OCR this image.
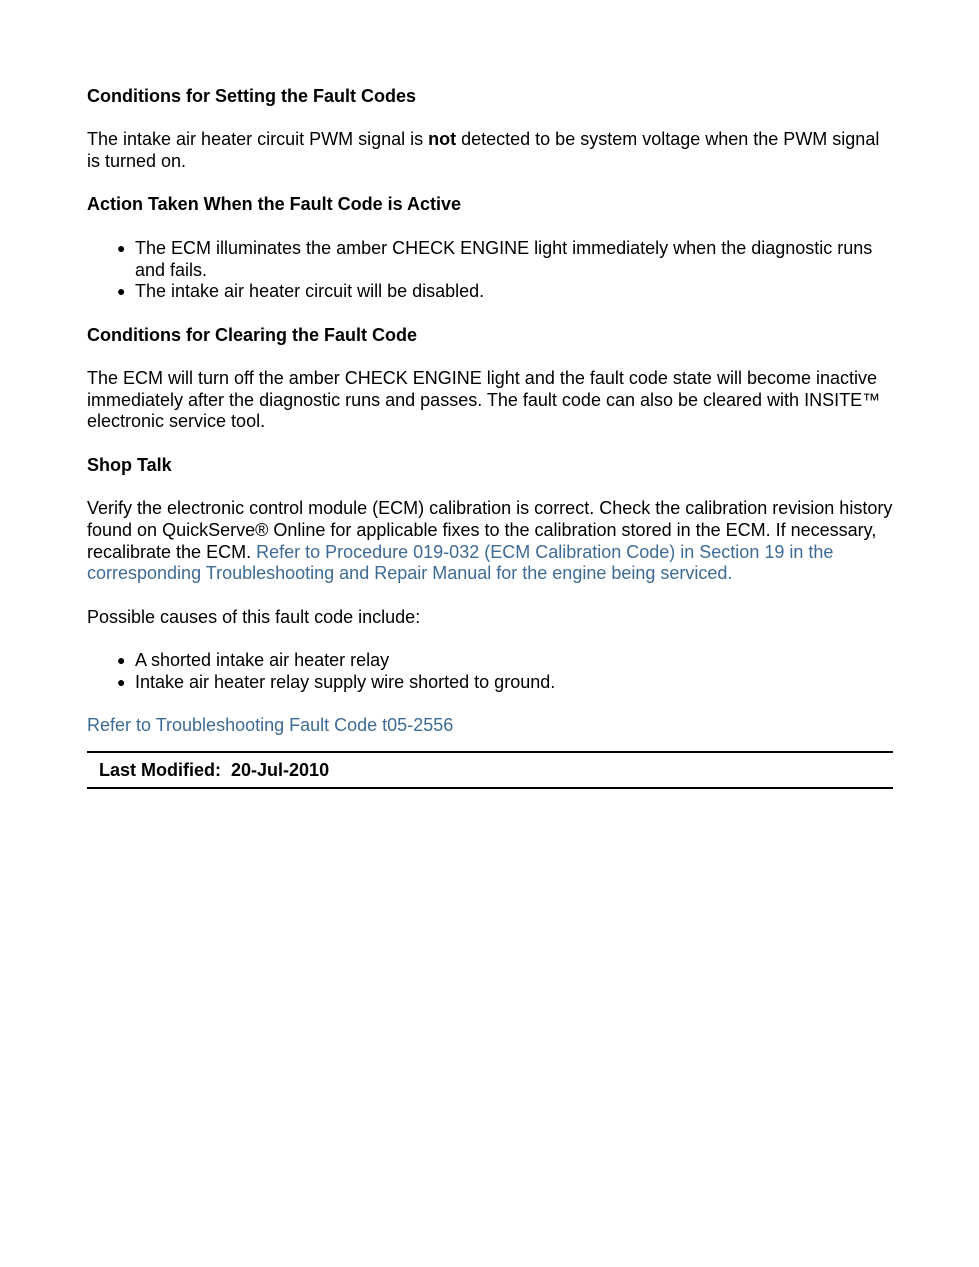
Conditions for Setting the Fault Codes

The intake air heater circuit PWM signal is not detected to be system voltage when the PWM signal is turned on.

Action Taken When the Fault Code is Active

● The ECM illuminates the amber CHECK ENGINE light immediately when the diagnostic runs and fails.
● The intake air heater circuit will be disabled.

Conditions for Clearing the Fault Code

The ECM will turn off the amber CHECK ENGINE light and the fault code state will become inactive immediately after the diagnostic runs and passes. The fault code can also be cleared with INSITE™ electronic service tool.

Shop Talk

Verify the electronic control module (ECM) calibration is correct. Check the calibration revision history found on QuickServe® Online for applicable fixes to the calibration stored in the ECM. If necessary, recalibrate the ECM. Refer to Procedure 019-032 (ECM Calibration Code) in Section 19 in the corresponding Troubleshooting and Repair Manual for the engine being serviced.

Possible causes of this fault code include:

● A shorted intake air heater relay
● Intake air heater relay supply wire shorted to ground.

Refer to Troubleshooting Fault Code t05-2556

Last Modified: 20-Jul-2010
